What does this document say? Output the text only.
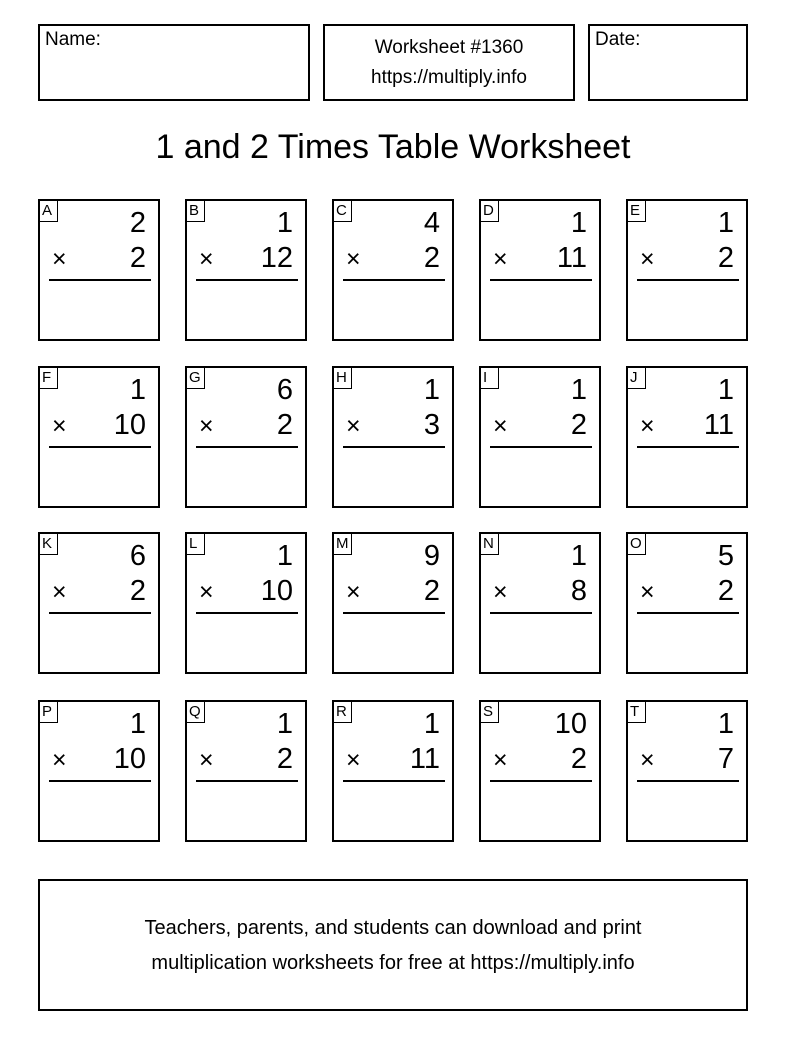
Name:	Worksheet #1360
https://multiply.info
Date:
1 and 2 Times Table Worksheet
A	2
× 2
B	1
× 12
C	4
× 2
D	1
× 11
E	1
× 2
F	1
× 10
G	6
× 2
H	1
× 3
I	1
× 2
J	1
× 11
K	6
× 2
L	1
× 10
M	9
× 2
N	1
× 8
O	5
× 2
P	1
× 10
Q	1
× 2
R	1
× 11
S 10
× 2
T	1
× 7
Teachers, parents, and students can download and print
multiplication worksheets for free at https://multiply.info
